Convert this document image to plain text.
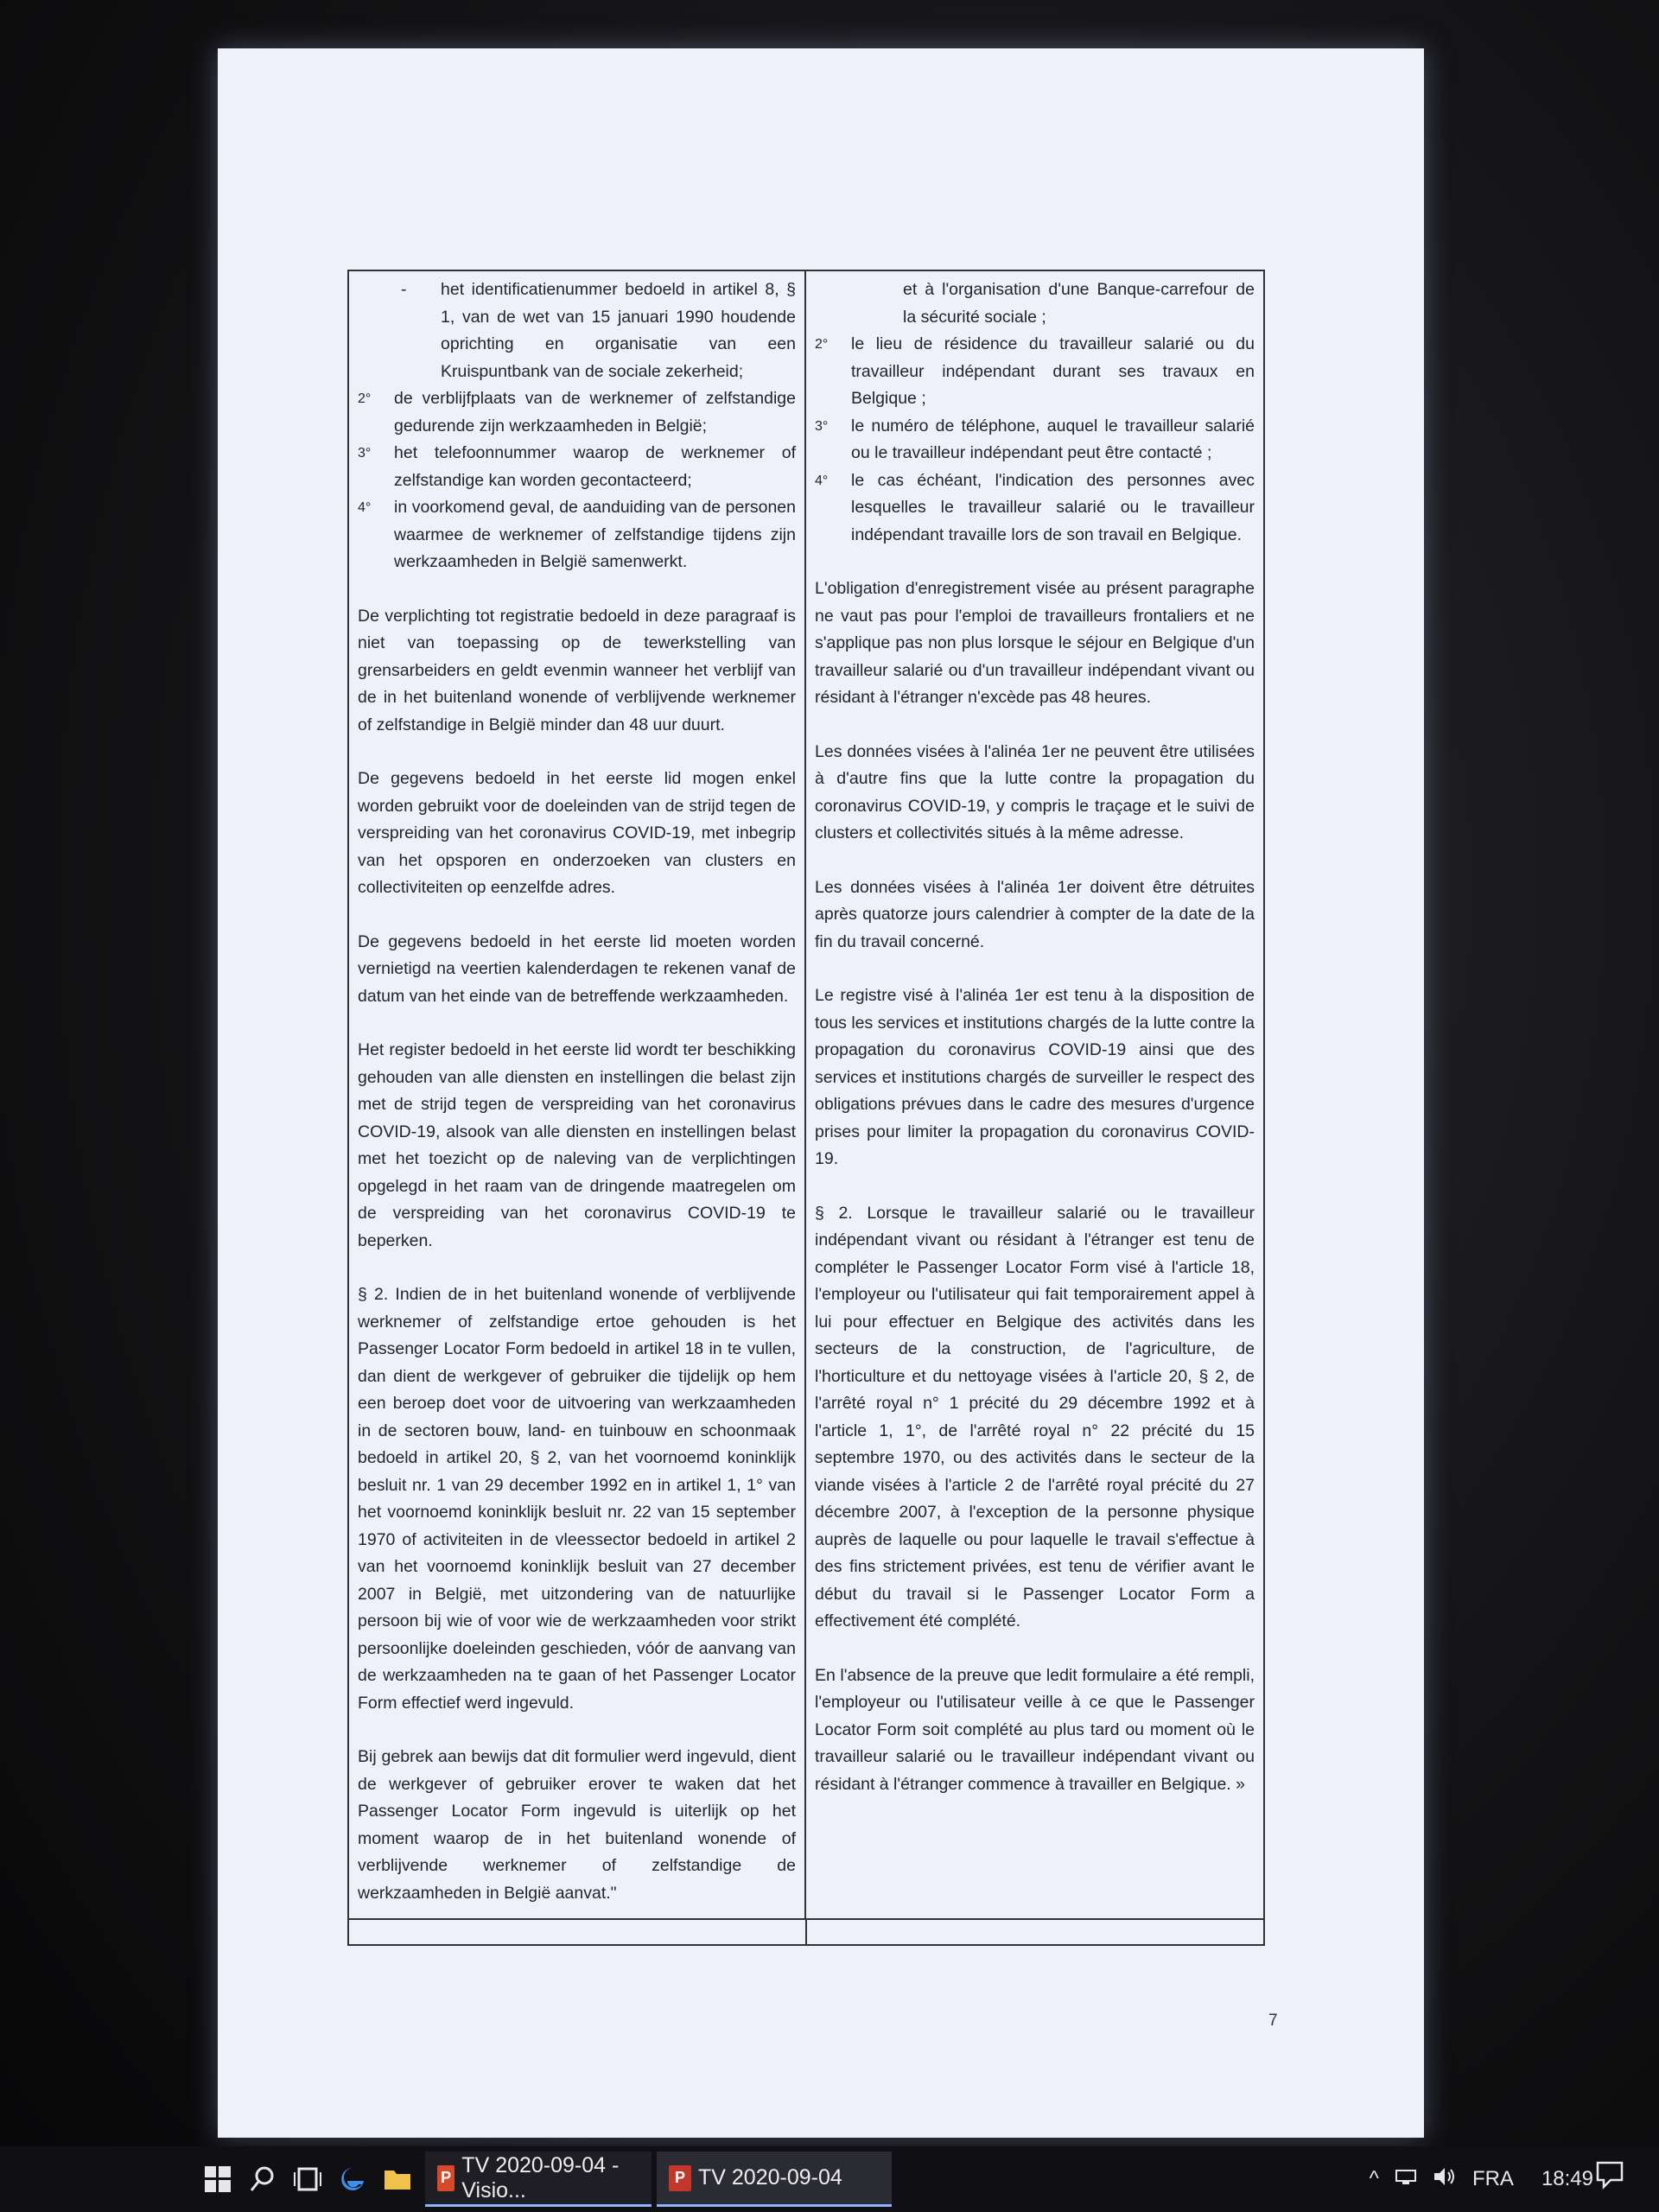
-	het identificatienummer bedoeld in artikel 8, § 1, van de wet van 15 januari 1990 houdende oprichting en organisatie van een Kruispuntbank van de sociale zekerheid;
2°	de verblijfplaats van de werknemer of zelfstandige gedurende zijn werkzaamheden in België;
3°	het telefoonnummer waarop de werknemer of zelfstandige kan worden gecontacteerd;
4°	in voorkomend geval, de aanduiding van de personen waarmee de werknemer of zelfstandige tijdens zijn werkzaamheden in België samenwerkt.

De verplichting tot registratie bedoeld in deze paragraaf is niet van toepassing op de tewerkstelling van grensarbeiders en geldt evenmin wanneer het verblijf van de in het buitenland wonende of verblijvende werknemer of zelfstandige in België minder dan 48 uur duurt.

De gegevens bedoeld in het eerste lid mogen enkel worden gebruikt voor de doeleinden van de strijd tegen de verspreiding van het coronavirus COVID-19, met inbegrip van het opsporen en onderzoeken van clusters en collectiviteiten op eenzelfde adres.

De gegevens bedoeld in het eerste lid moeten worden vernietigd na veertien kalenderdagen te rekenen vanaf de datum van het einde van de betreffende werkzaamheden.

Het register bedoeld in het eerste lid wordt ter beschikking gehouden van alle diensten en instellingen die belast zijn met de strijd tegen de verspreiding van het coronavirus COVID-19, alsook van alle diensten en instellingen belast met het toezicht op de naleving van de verplichtingen opgelegd in het raam van de dringende maatregelen om de verspreiding van het coronavirus COVID-19 te beperken.

§ 2. Indien de in het buitenland wonende of verblijvende werknemer of zelfstandige ertoe gehouden is het Passenger Locator Form bedoeld in artikel 18 in te vullen, dan dient de werkgever of gebruiker die tijdelijk op hem een beroep doet voor de uitvoering van werkzaamheden in de sectoren bouw, land- en tuinbouw en schoonmaak bedoeld in artikel 20, § 2, van het voornoemd koninklijk besluit nr. 1 van 29 december 1992 en in artikel 1, 1° van het voornoemd koninklijk besluit nr. 22 van 15 september 1970 of activiteiten in de vleessector bedoeld in artikel 2 van het voornoemd koninklijk besluit van 27 december 2007 in België, met uitzondering van de natuurlijke persoon bij wie of voor wie de werkzaamheden voor strikt persoonlijke doeleinden geschieden, vóór de aanvang van de werkzaamheden na te gaan of het Passenger Locator Form effectief werd ingevuld.

Bij gebrek aan bewijs dat dit formulier werd ingevuld, dient de werkgever of gebruiker erover te waken dat het Passenger Locator Form ingevuld is uiterlijk op het moment waarop de in het buitenland wonende of verblijvende werknemer of zelfstandige de werkzaamheden in België aanvat."

et à l'organisation d'une Banque-carrefour de la sécurité sociale ;
2°	le lieu de résidence du travailleur salarié ou du travailleur indépendant durant ses travaux en Belgique ;
3°	le numéro de téléphone, auquel le travailleur salarié ou le travailleur indépendant peut être contacté ;
4°	le cas échéant, l'indication des personnes avec lesquelles le travailleur salarié ou le travailleur indépendant travaille lors de son travail en Belgique.

L'obligation d'enregistrement visée au présent paragraphe ne vaut pas pour l'emploi de travailleurs frontaliers et ne s'applique pas non plus lorsque le séjour en Belgique d'un travailleur salarié ou d'un travailleur indépendant vivant ou résidant à l'étranger n'excède pas 48 heures.

Les données visées à l'alinéa 1er ne peuvent être utilisées à d'autre fins que la lutte contre la propagation du coronavirus COVID-19, y compris le traçage et le suivi de clusters et collectivités situés à la même adresse.

Les données visées à l'alinéa 1er doivent être détruites après quatorze jours calendrier à compter de la date de la fin du travail concerné.

Le registre visé à l'alinéa 1er est tenu à la disposition de tous les services et institutions chargés de la lutte contre la propagation du coronavirus COVID-19 ainsi que des services et institutions chargés de surveiller le respect des obligations prévues dans le cadre des mesures d'urgence prises pour limiter la propagation du coronavirus COVID-19.

§ 2. Lorsque le travailleur salarié ou le travailleur indépendant vivant ou résidant à l'étranger est tenu de compléter le Passenger Locator Form visé à l'article 18, l'employeur ou l'utilisateur qui fait temporairement appel à lui pour effectuer en Belgique des activités dans les secteurs de la construction, de l'agriculture, de l'horticulture et du nettoyage visées à l'article 20, § 2, de l'arrêté royal n° 1 précité du 29 décembre 1992 et à l'article 1, 1°, de l'arrêté royal n° 22 précité du 15 septembre 1970, ou des activités dans le secteur de la viande visées à l'article 2 de l'arrêté royal précité du 27 décembre 2007, à l'exception de la personne physique auprès de laquelle ou pour laquelle le travail s'effectue à des fins strictement privées, est tenu de vérifier avant le début du travail si le Passenger Locator Form a effectivement été complété.

En l'absence de la preuve que ledit formulaire a été rempli, l'employeur ou l'utilisateur veille à ce que le Passenger Locator Form soit complété au plus tard ou moment où le travailleur salarié ou le travailleur indépendant vivant ou résidant à l'étranger commence à travailler en Belgique. »

7
P
TV 2020-09-04 - Visio...
P TV 2020-09-04	^	FRA 18:49
